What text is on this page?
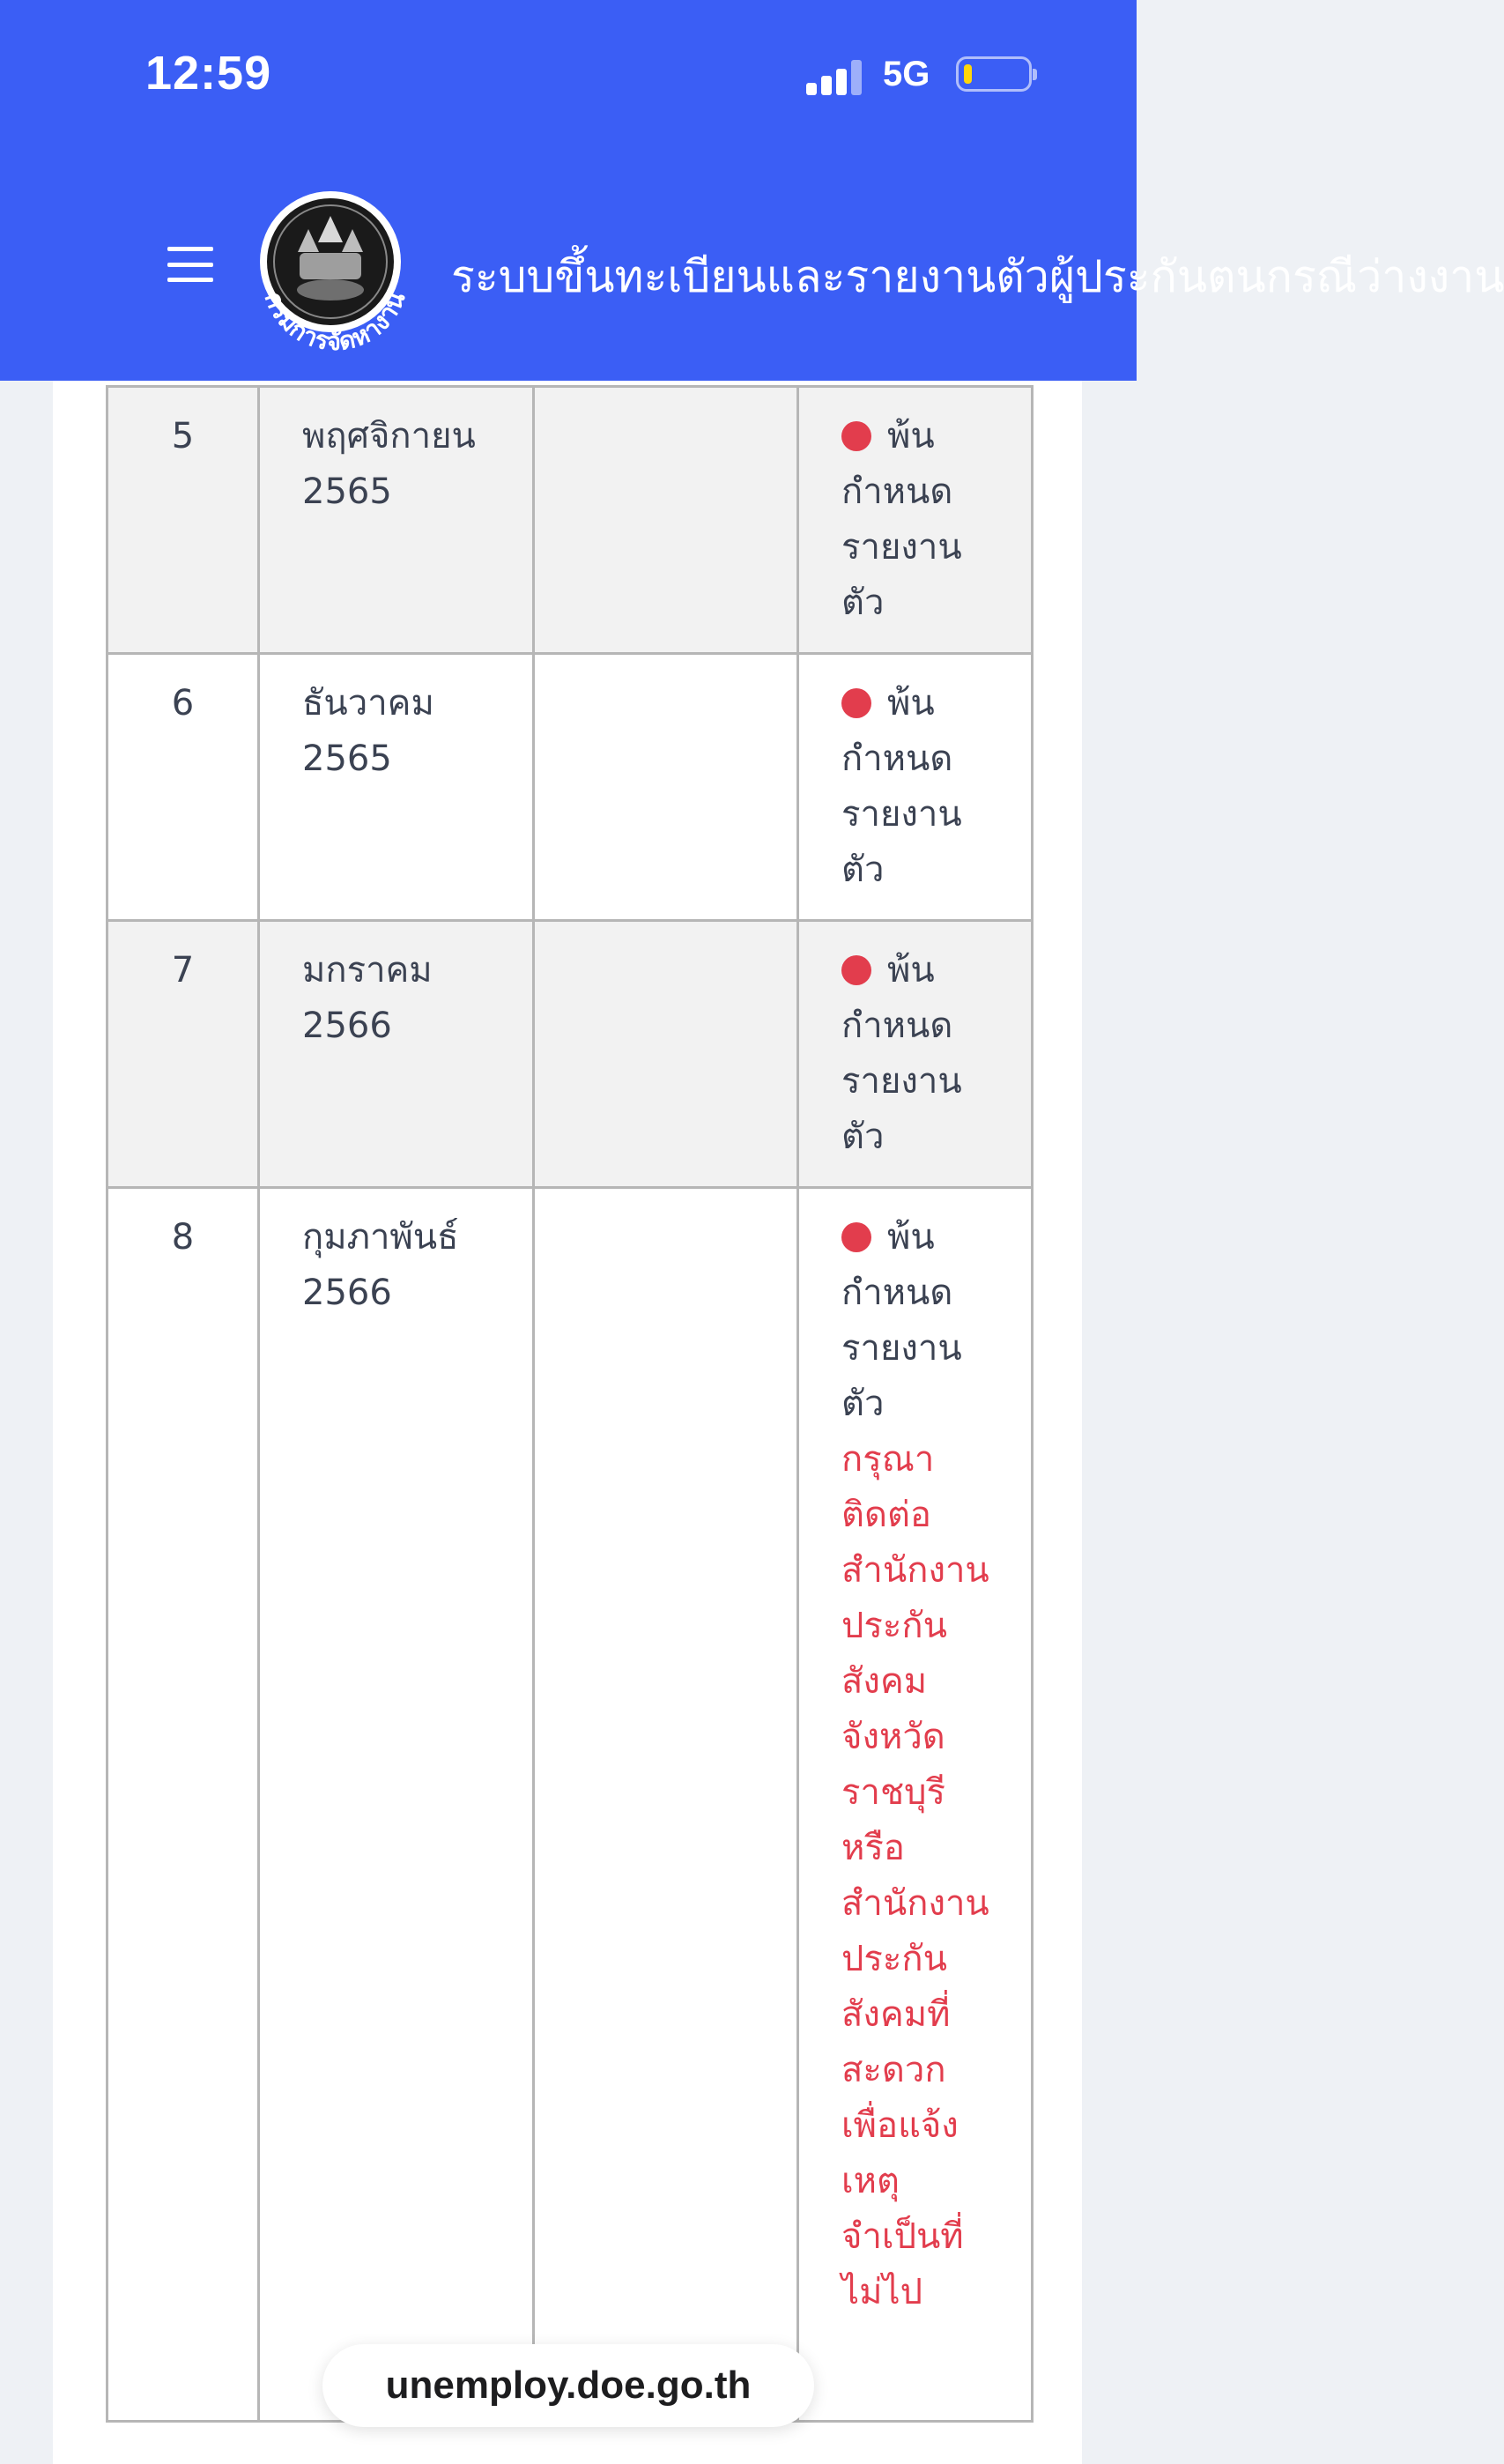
12:59	5G
กรมการจัดหางาน ระบบขึ้นทะเบียนและรายงานตัวผู้ประกันตนกรณีว่างงาน
5	พฤศจิกายน 2565		พ้นกำหนดรายงานตัว
6	ธันวาคม 2565		พ้นกำหนดรายงานตัว
7	มกราคม 2566		พ้นกำหนดรายงานตัว
8	กุมภาพันธ์ 2566		พ้นกำหนดรายงานตัว
กรุณาติดต่อสำนักงานประกันสังคมจังหวัดราชบุรี หรือสำนักงานประกันสังคมที่สะดวก เพื่อแจ้งเหตุจำเป็นที่ไม่ไป
unemploy.doe.go.th
